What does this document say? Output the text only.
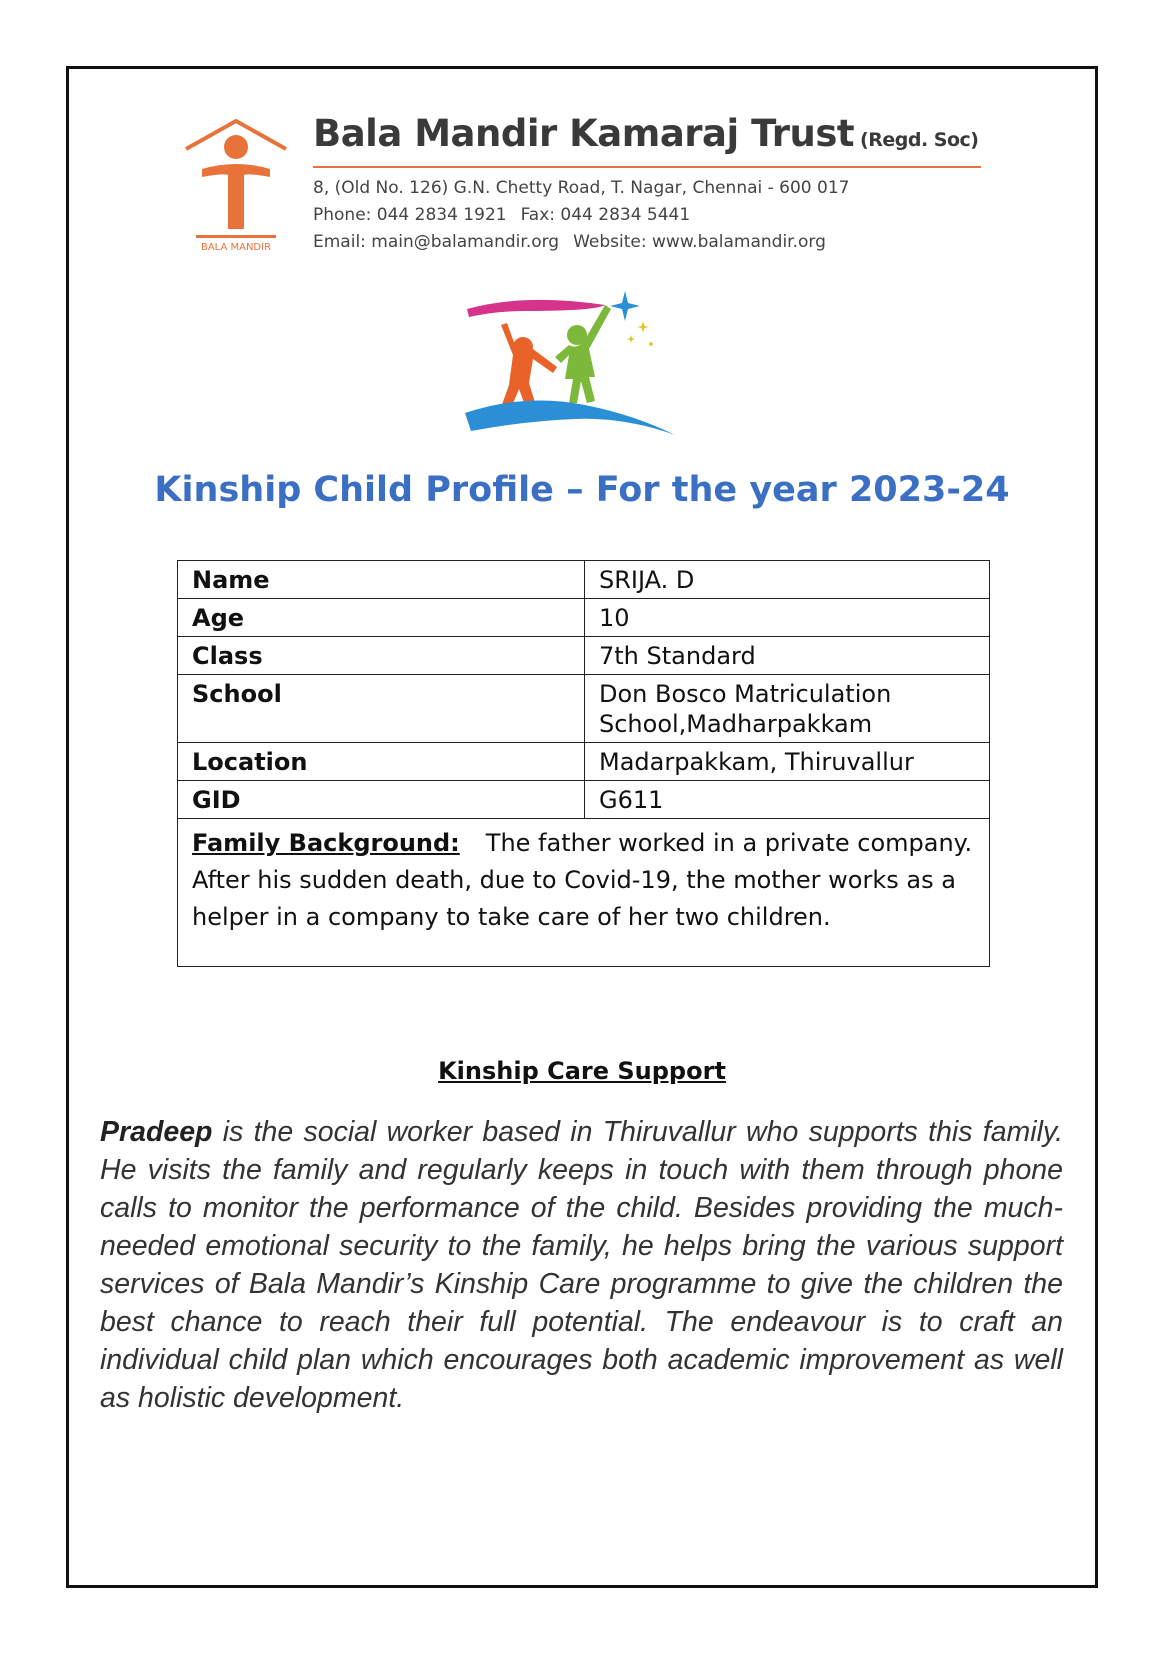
BALA MANDIR
Bala Mandir Kamaraj Trust (Regd. Soc)
8, (Old No. 126) G.N. Chetty Road, T. Nagar, Chennai - 600 017
Phone: 044 2834 1921 Fax: 044 2834 5441
Email: main@balamandir.org Website: www.balamandir.org
Kinship Child Profile – For the year 2023-24
Name	SRIJA. D
Age	10
Class	7th Standard
School	Don Bosco Matriculation School,Madharpakkam
Location	Madarpakkam, Thiruvallur
GID	G611
Family Background: The father worked in a private company. After his sudden death, due to Covid-19, the mother works as a helper in a company to take care of her two children.	
Kinship Care Support

Pradeep is the social worker based in Thiruvallur who supports this family. He visits the family and regularly keeps in touch with them through phone calls to monitor the performance of the child. Besides providing the much-needed emotional security to the family, he helps bring the various support services of Bala Mandir’s Kinship Care programme to give the children the best chance to reach their full potential. The endeavour is to craft an individual child plan which encourages both academic improvement as well as holistic development.
